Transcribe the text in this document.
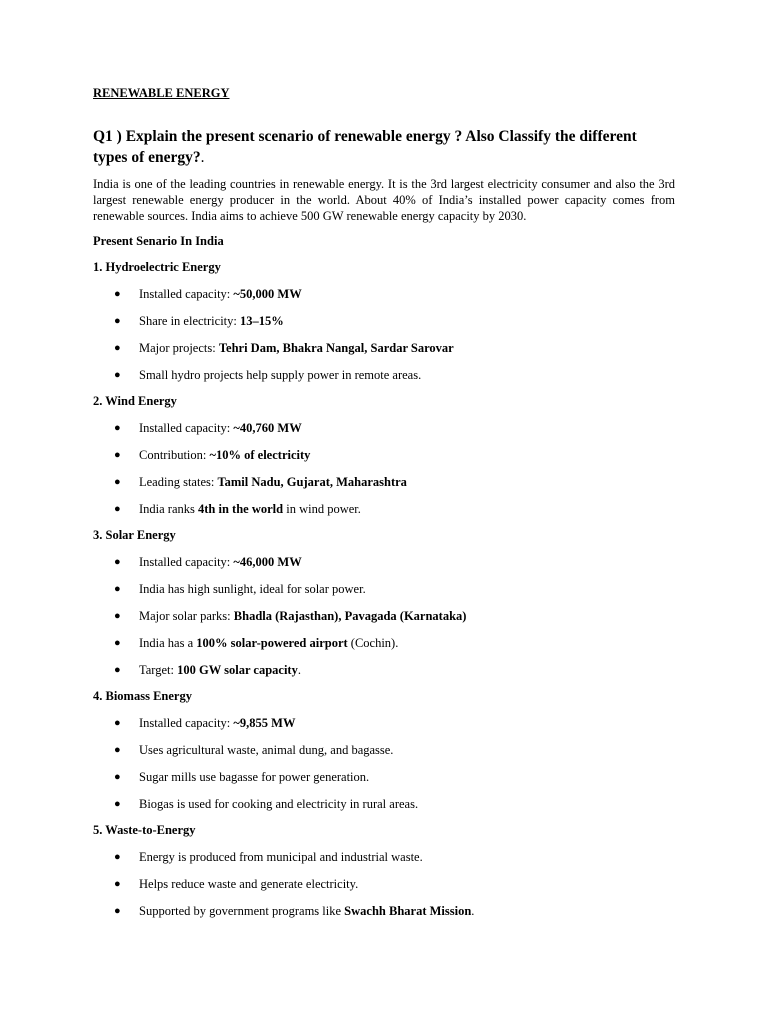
RENEWABLE ENERGY

Q1 ) Explain the present scenario of renewable energy ? Also Classify the different types of energy?.

India is one of the leading countries in renewable energy. It is the 3rd largest electricity consumer and also the 3rd largest renewable energy producer in the world. About 40% of India’s installed power capacity comes from renewable sources. India aims to achieve 500 GW renewable energy capacity by 2030.

Present Senario In India

1. Hydroelectric Energy

● Installed capacity: ~50,000 MW
● Share in electricity: 13–15%
● Major projects: Tehri Dam, Bhakra Nangal, Sardar Sarovar
● Small hydro projects help supply power in remote areas.

2. Wind Energy

● Installed capacity: ~40,760 MW
● Contribution: ~10% of electricity
● Leading states: Tamil Nadu, Gujarat, Maharashtra
● India ranks 4th in the world in wind power.

3. Solar Energy

● Installed capacity: ~46,000 MW
● India has high sunlight, ideal for solar power.
● Major solar parks: Bhadla (Rajasthan), Pavagada (Karnataka)
● India has a 100% solar-powered airport (Cochin).
● Target: 100 GW solar capacity.

4. Biomass Energy

● Installed capacity: ~9,855 MW
● Uses agricultural waste, animal dung, and bagasse.
● Sugar mills use bagasse for power generation.
● Biogas is used for cooking and electricity in rural areas.

5. Waste-to-Energy

● Energy is produced from municipal and industrial waste.
● Helps reduce waste and generate electricity.
● Supported by government programs like Swachh Bharat Mission.
